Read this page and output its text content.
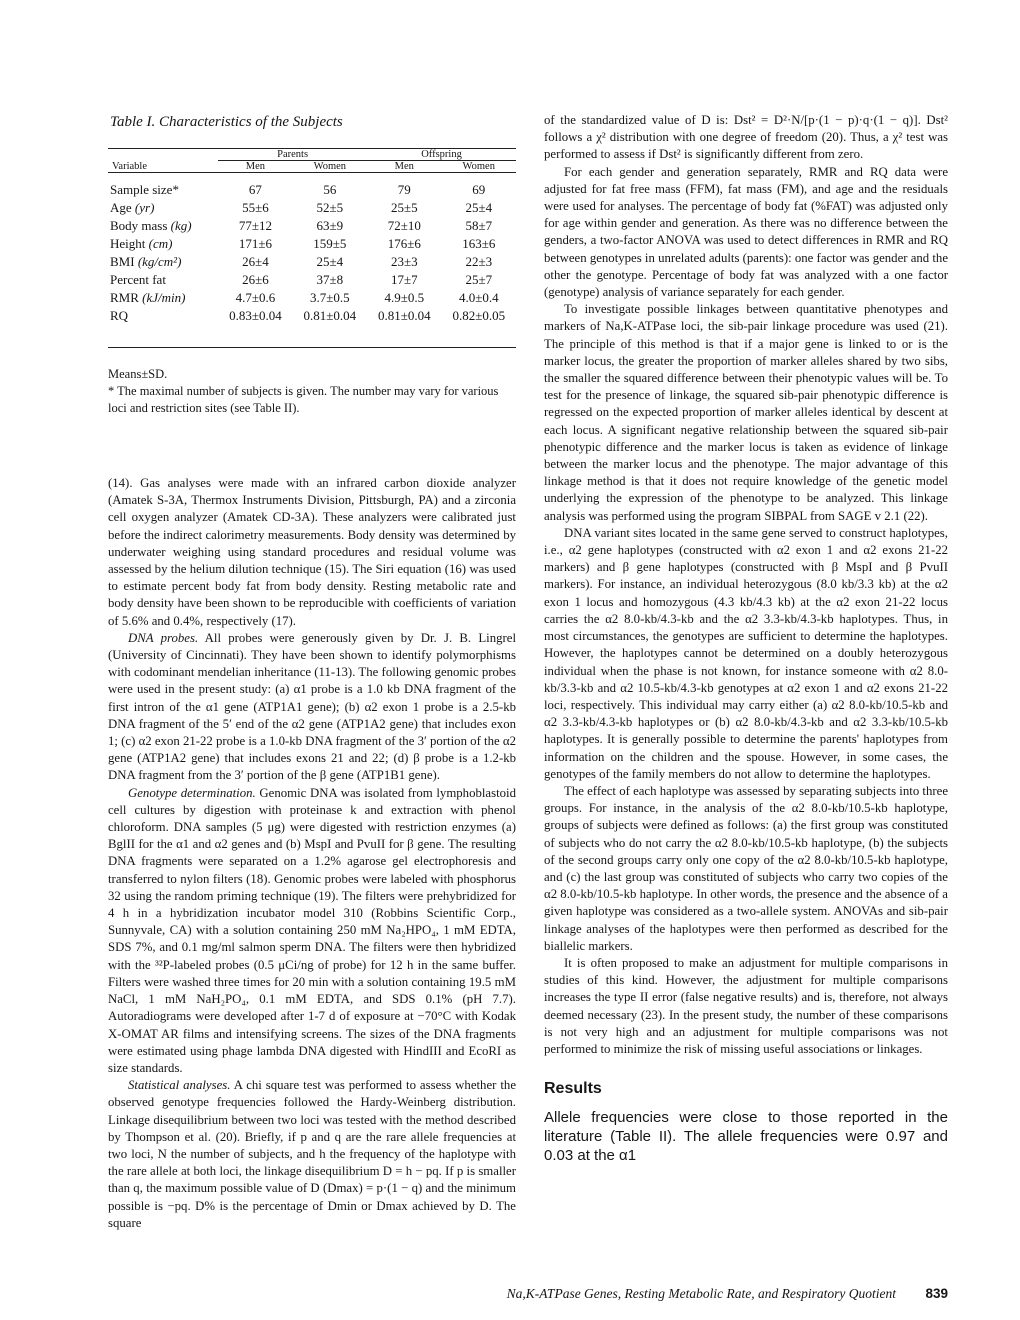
Table I. Characteristics of the Subjects
	Parents		Offspring	
Variable	Men	Women	Men	Women

Sample size*	67	56	79	69
Age (yr)	55±6	52±5	25±5	25±4
Body mass (kg)	77±12	63±9	72±10	58±7
Height (cm)	171±6	159±5	176±6	163±6
BMI (kg/cm²)	26±4	25±4	23±3	22±3
Percent fat	26±6	37±8	17±7	25±7
RMR (kJ/min)	4.7±0.6	3.7±0.5	4.9±0.5	4.0±0.4
RQ	0.83±0.04	0.81±0.04	0.81±0.04	0.82±0.05

Means±SD.

* The maximal number of subjects is given. The number may vary for various loci and restriction sites (see Table II).

(14). Gas analyses were made with an infrared carbon dioxide analyzer (Amatek S-3A, Thermox Instruments Division, Pittsburgh, PA) and a zirconia cell oxygen analyzer (Amatek CD-3A). These analyzers were calibrated just before the indirect calorimetry measurements. Body density was determined by underwater weighing using standard procedures and residual volume was assessed by the helium dilution technique (15). The Siri equation (16) was used to estimate percent body fat from body density. Resting metabolic rate and body density have been shown to be reproducible with coefficients of variation of 5.6% and 0.4%, respectively (17).

DNA probes. All probes were generously given by Dr. J. B. Lingrel (University of Cincinnati). They have been shown to identify polymorphisms with codominant mendelian inheritance (11-13). The following genomic probes were used in the present study: (a) α1 probe is a 1.0 kb DNA fragment of the first intron of the α1 gene (ATP1A1 gene); (b) α2 exon 1 probe is a 2.5-kb DNA fragment of the 5′ end of the α2 gene (ATP1A2 gene) that includes exon 1; (c) α2 exon 21-22 probe is a 1.0-kb DNA fragment of the 3′ portion of the α2 gene (ATP1A2 gene) that includes exons 21 and 22; (d) β probe is a 1.2-kb DNA fragment from the 3′ portion of the β gene (ATP1B1 gene).

Genotype determination. Genomic DNA was isolated from lymphoblastoid cell cultures by digestion with proteinase k and extraction with phenol chloroform. DNA samples (5 μg) were digested with restriction enzymes (a) BglII for the α1 and α2 genes and (b) MspI and PvuII for β gene. The resulting DNA fragments were separated on a 1.2% agarose gel electrophoresis and transferred to nylon filters (18). Genomic probes were labeled with phosphorus 32 using the random priming technique (19). The filters were prehybridized for 4 h in a hybridization incubator model 310 (Robbins Scientific Corp., Sunnyvale, CA) with a solution containing 250 mM Na₂HPO₄, 1 mM EDTA, SDS 7%, and 0.1 mg/ml salmon sperm DNA. The filters were then hybridized with the ³²P-labeled probes (0.5 μCi/ng of probe) for 12 h in the same buffer. Filters were washed three times for 20 min with a solution containing 19.5 mM NaCl, 1 mM NaH₂PO₄, 0.1 mM EDTA, and SDS 0.1% (pH 7.7). Autoradiograms were developed after 1-7 d of exposure at −70°C with Kodak X-OMAT AR films and intensifying screens. The sizes of the DNA fragments were estimated using phage lambda DNA digested with HindIII and EcoRI as size standards.

Statistical analyses. A chi square test was performed to assess whether the observed genotype frequencies followed the Hardy-Weinberg distribution. Linkage disequilibrium between two loci was tested with the method described by Thompson et al. (20). Briefly, if p and q are the rare allele frequencies at two loci, N the number of subjects, and h the frequency of the haplotype with the rare allele at both loci, the linkage disequilibrium D = h − pq. If p is smaller than q, the maximum possible value of D (Dmax) = p·(1 − q) and the minimum possible is −pq. D% is the percentage of Dmin or Dmax achieved by D. The square

of the standardized value of D is: Dst² = D²·N/[p·(1 − p)·q·(1 − q)]. Dst² follows a χ² distribution with one degree of freedom (20). Thus, a χ² test was performed to assess if Dst² is significantly different from zero.

For each gender and generation separately, RMR and RQ data were adjusted for fat free mass (FFM), fat mass (FM), and age and the residuals were used for analyses. The percentage of body fat (%FAT) was adjusted only for age within gender and generation. As there was no difference between the genders, a two-factor ANOVA was used to detect differences in RMR and RQ between genotypes in unrelated adults (parents): one factor was gender and the other the genotype. Percentage of body fat was analyzed with a one factor (genotype) analysis of variance separately for each gender.

To investigate possible linkages between quantitative phenotypes and markers of Na,K-ATPase loci, the sib-pair linkage procedure was used (21). The principle of this method is that if a major gene is linked to or is the marker locus, the greater the proportion of marker alleles shared by two sibs, the smaller the squared difference between their phenotypic values will be. To test for the presence of linkage, the squared sib-pair phenotypic difference is regressed on the expected proportion of marker alleles identical by descent at each locus. A significant negative relationship between the squared sib-pair phenotypic difference and the marker locus is taken as evidence of linkage between the marker locus and the phenotype. The major advantage of this linkage method is that it does not require knowledge of the genetic model underlying the expression of the phenotype to be analyzed. This linkage analysis was performed using the program SIBPAL from SAGE v 2.1 (22).

DNA variant sites located in the same gene served to construct haplotypes, i.e., α2 gene haplotypes (constructed with α2 exon 1 and α2 exons 21-22 markers) and β gene haplotypes (constructed with β MspI and β PvuII markers). For instance, an individual heterozygous (8.0 kb/3.3 kb) at the α2 exon 1 locus and homozygous (4.3 kb/4.3 kb) at the α2 exon 21-22 locus carries the α2 8.0-kb/4.3-kb and the α2 3.3-kb/4.3-kb haplotypes. Thus, in most circumstances, the genotypes are sufficient to determine the haplotypes. However, the haplotypes cannot be determined on a doubly heterozygous individual when the phase is not known, for instance someone with α2 8.0-kb/3.3-kb and α2 10.5-kb/4.3-kb genotypes at α2 exon 1 and α2 exons 21-22 loci, respectively. This individual may carry either (a) α2 8.0-kb/10.5-kb and α2 3.3-kb/4.3-kb haplotypes or (b) α2 8.0-kb/4.3-kb and α2 3.3-kb/10.5-kb haplotypes. It is generally possible to determine the parents' haplotypes from information on the children and the spouse. However, in some cases, the genotypes of the family members do not allow to determine the haplotypes.

The effect of each haplotype was assessed by separating subjects into three groups. For instance, in the analysis of the α2 8.0-kb/10.5-kb haplotype, groups of subjects were defined as follows: (a) the first group was constituted of subjects who do not carry the α2 8.0-kb/10.5-kb haplotype, (b) the subjects of the second groups carry only one copy of the α2 8.0-kb/10.5-kb haplotype, and (c) the last group was constituted of subjects who carry two copies of the α2 8.0-kb/10.5-kb haplotype. In other words, the presence and the absence of a given haplotype was considered as a two-allele system. ANOVAs and sib-pair linkage analyses of the haplotypes were then performed as described for the biallelic markers.

It is often proposed to make an adjustment for multiple comparisons in studies of this kind. However, the adjustment for multiple comparisons increases the type II error (false negative results) and is, therefore, not always deemed necessary (23). In the present study, the number of these comparisons is not very high and an adjustment for multiple comparisons was not performed to minimize the risk of missing useful associations or linkages.

Results

Allele frequencies were close to those reported in the literature (Table II). The allele frequencies were 0.97 and 0.03 at the α1

Na,K-ATPase Genes, Resting Metabolic Rate, and Respiratory Quotient 839
